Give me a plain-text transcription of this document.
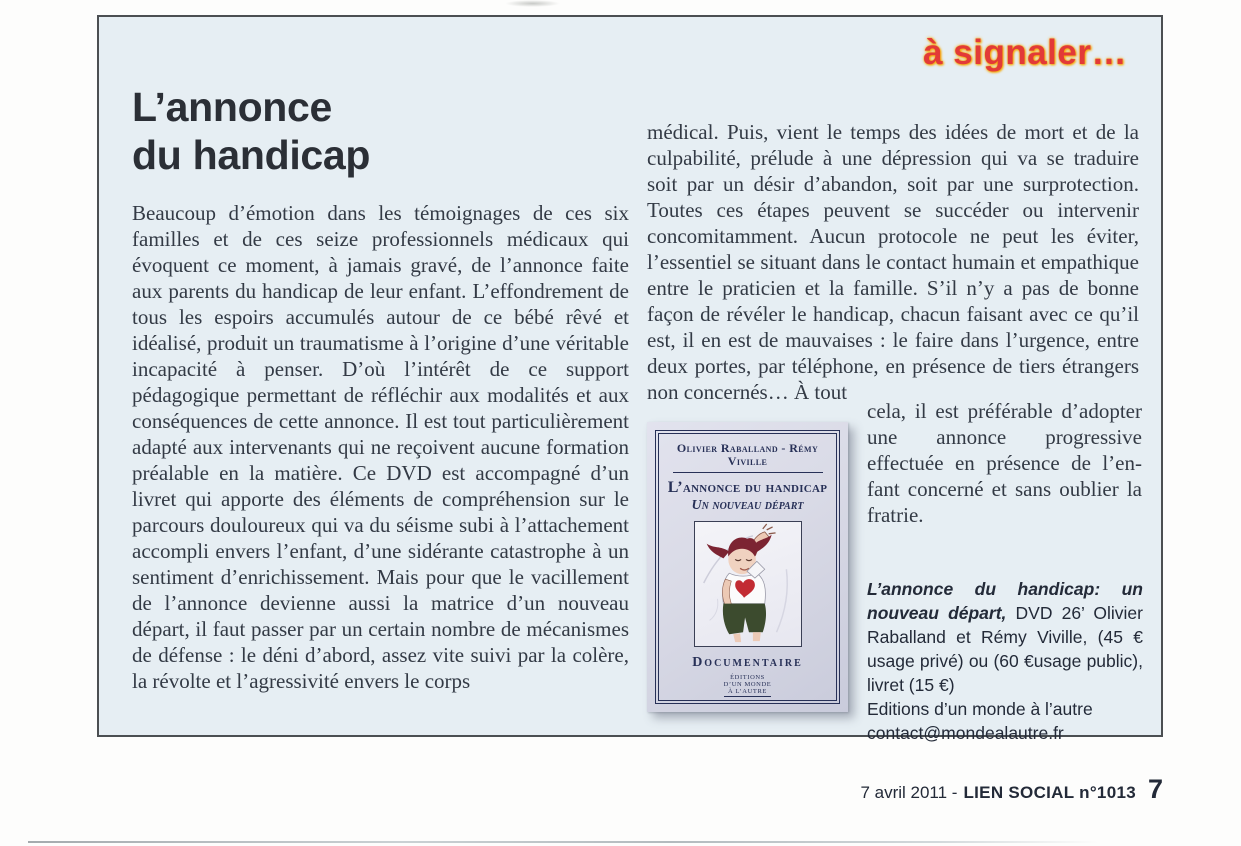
à signaler…
L’annonce
du handicap
Beaucoup d’émotion dans les témoignages de ces six familles et de ces seize professionnels médicaux qui évoquent ce moment, à jamais gravé, de l’annonce faite aux parents du handicap de leur enfant. L’effondrement de tous les espoirs accumulés autour de ce bébé rêvé et idéalisé, produit un traumatisme à l’origine d’une véritable incapacité à penser. D’où l’intérêt de ce support pédagogique permettant de réfléchir aux modalités et aux conséquences de cette annonce. Il est tout particulièrement adapté aux intervenants qui ne reçoivent aucune formation préalable en la matière. Ce DVD est accompagné d’un livret qui apporte des éléments de compréhension sur le parcours douloureux qui va du séisme subi à l’attachement accompli envers l’enfant, d’une sidérante catastrophe à un sentiment d’enrichissement. Mais pour que le vacillement de l’annonce devienne aussi la matrice d’un nouveau départ, il faut passer par un certain nombre de mécanismes de défense : le déni d’abord, assez vite suivi par la colère, la révolte et l’agressivité envers le corps
médical. Puis, vient le temps des idées de mort et de la culpabilité, prélude à une dépression qui va se traduire soit par un désir d’abandon, soit par une surprotection. Toutes ces étapes peuvent se succéder ou intervenir concomitamment. Aucun protocole ne peut les éviter, l’essentiel se situant dans le contact humain et empathique entre le praticien et la famille. S’il n’y a pas de bonne façon de révéler le handicap, chacun faisant avec ce qu’il est, il en est de mauvaises : le faire dans l’urgence, entre deux portes, par téléphone, en présence de tiers étrangers non concernés… À tout
Olivier Raballand - Rémy Viville
L’annonce du handicap
Un nouveau départ
Documentaire
ÉDITIONS
D’UN MONDE
À L’AUTRE
cela, il est préférable d’adopter une annonce progressive effectuée en présence de l’enfant concerné et sans oublier la fratrie.

L’annonce du handicap: un nouveau départ, DVD 26’ Olivier Raballand et Rémy Viville, (45 € usage privé) ou (60 €usage public), livret (15 €)

Editions d’un monde à l’autre
contact@mondealautre.fr
7 avril 2011 - LIEN SOCIAL n°1013 7
